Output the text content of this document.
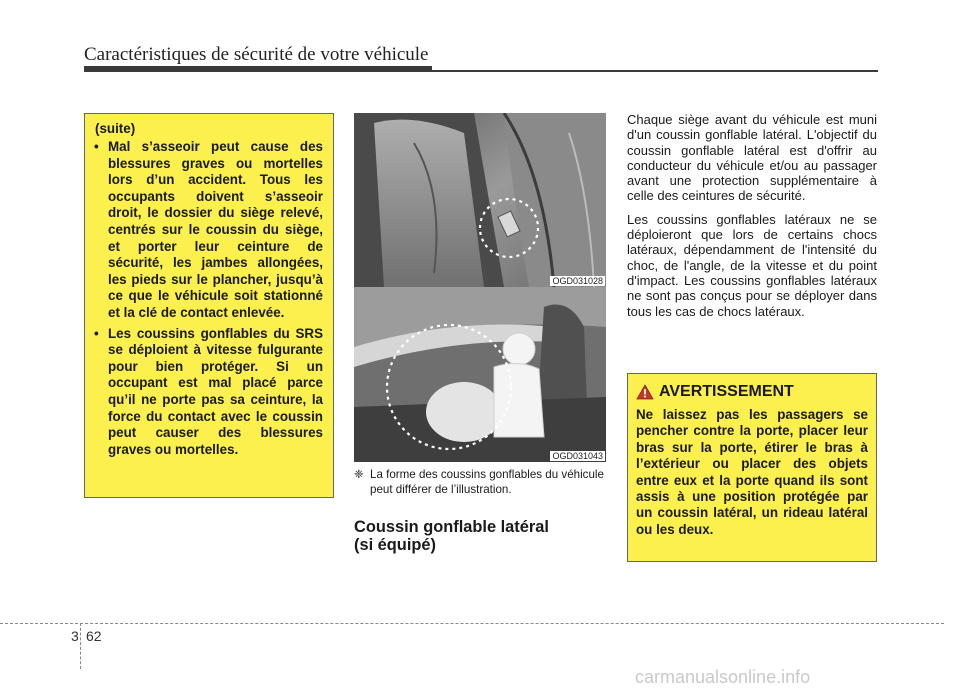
Caractéristiques de sécurité de votre véhicule
(suite)
• Mal s’asseoir peut cause des blessures graves ou mortelles lors d’un accident. Tous les occupants doivent s’asseoir droit, le dossier du siège relevé, centrés sur le coussin du siège, et porter leur ceinture de sécurité, les jambes allongées, les pieds sur le plancher, jusqu’à ce que le véhicule soit stationné et la clé de contact enlevée.
• Les coussins gonflables du SRS se déploient à vitesse fulgurante pour bien protéger. Si un occupant est mal placé parce qu’il ne porte pas sa ceinture, la force du contact avec le coussin peut causer des blessures graves ou mortelles.
OGD031028
OGD031043
❈ La forme des coussins gonflables du véhicule peut différer de l’illustration.
Coussin gonflable latéral
(si équipé)

Chaque siège avant du véhicule est muni d'un coussin gonflable latéral. L'objectif du coussin gonflable latéral est d'offrir au conducteur du véhicule et/ou au passager avant une protection supplémentaire à celle des ceintures de sécurité.

Les coussins gonflables latéraux ne se déploieront que lors de certains chocs latéraux, dépendamment de l'intensité du choc, de l'angle, de la vitesse et du point d'impact. Les coussins gonflables latéraux ne sont pas conçus pour se déployer dans tous les cas de chocs latéraux.

AVERTISSEMENT
Ne laissez pas les passagers se pencher contre la porte, placer leur bras sur la porte, étirer le bras à l’extérieur ou placer des objets entre eux et la porte quand ils sont assis à une position protégée par un coussin latéral, un rideau latéral ou les deux.
3 62
carmanualsonline.info
